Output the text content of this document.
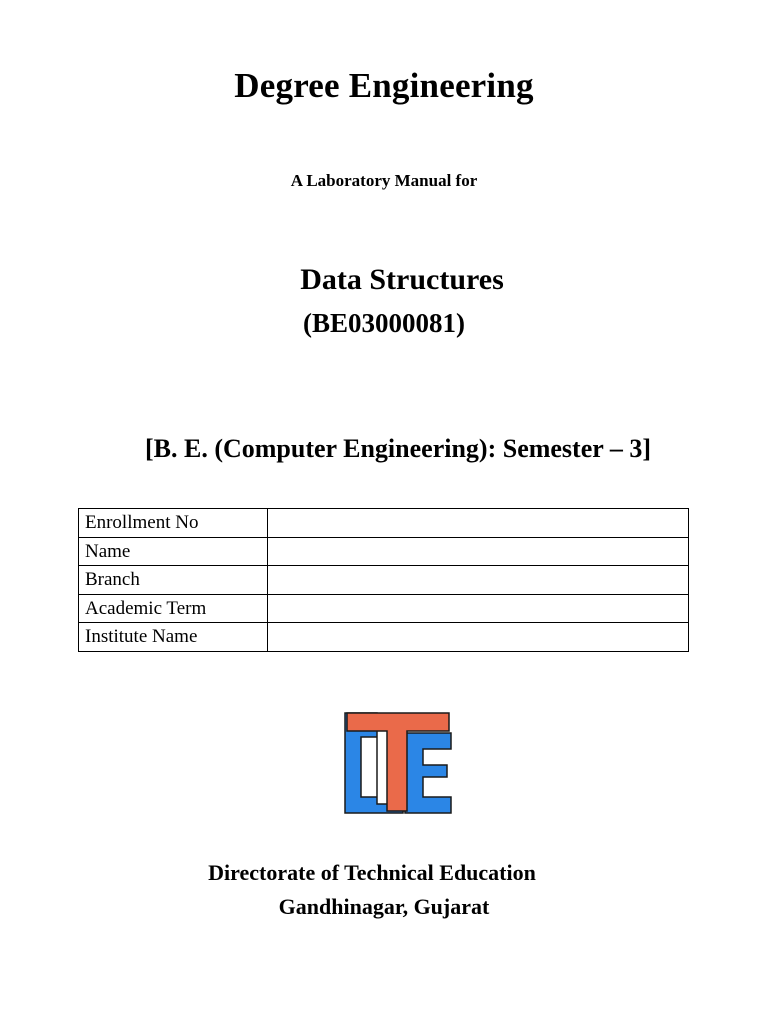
Degree Engineering
A Laboratory Manual for
Data Structures
(BE03000081)
[B. E. (Computer Engineering): Semester – 3]
Enrollment No	
Name	
Branch	
Academic Term	
Institute Name	
Directorate of Technical Education
Gandhinagar, Gujarat
